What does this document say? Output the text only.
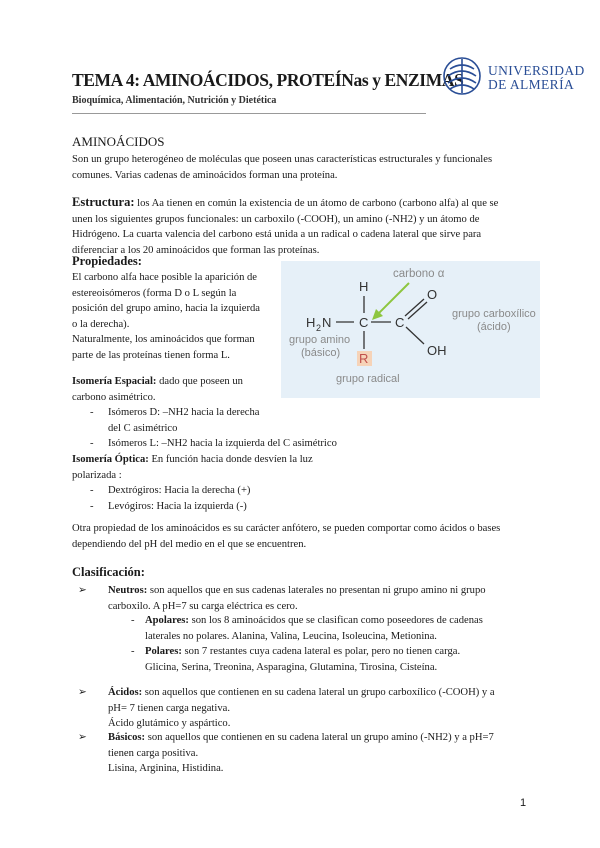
TEMA 4: AMINOÁCIDOS, PROTEÍNas y ENZIMAS
Bioquímica, Alimentación, Nutrición y Dietética
UNIVERSIDAD
DE ALMERÍA
AMINOÁCIDOS
Son un grupo heterogéneo de moléculas que poseen unas características estructurales y funcionales
comunes. Varias cadenas de aminoácidos forman una proteína.
Estructura: los Aa tienen en común la existencia de un átomo de carbono (carbono alfa) al que se
unen los siguientes grupos funcionales: un carboxilo (-COOH), un amino (-NH2) y un átomo de
Hidrógeno. La cuarta valencia del carbono está unida a un radical o cadena lateral que sirve para
diferenciar a los 20 aminoácidos que forman las proteínas.
Propiedades:
El carbono alfa hace posible la aparición de
estereoisómeros (forma D o L según la
posición del grupo amino, hacia la izquierda
o la derecha).
Naturalmente, los aminoácidos que forman
parte de las proteínas tienen forma L.
carbono α
H
H 2 N C C
O
OH
R
grupo amino
(básico)
grupo carboxílico
(ácido)
grupo radical
Isomería Espacial: dado que poseen un
carbono asimétrico.
- Isómeros D: –NH2 hacia la derecha
del C asimétrico
- Isómeros L: –NH2 hacia la izquierda del C asimétrico
Isomería Óptica: En función hacia donde desvíen la luz
polarizada :
- Dextrógiros: Hacia la derecha (+)
- Levógiros: Hacia la izquierda (-)
Otra propiedad de los aminoácidos es su carácter anfótero, se pueden comportar como ácidos o bases
dependiendo del pH del medio en el que se encuentren.
Clasificación:
➢ Neutros: son aquellos que en sus cadenas laterales no presentan ni grupo amino ni grupo
carboxilo. A pH=7 su carga eléctrica es cero.
- Apolares: son los 8 aminoácidos que se clasifican como poseedores de cadenas
laterales no polares. Alanina, Valina, Leucina, Isoleucina, Metionina.
- Polares: son 7 restantes cuya cadena lateral es polar, pero no tienen carga.
Glicina, Serina, Treonina, Asparagina, Glutamina, Tirosina, Cisteína.
➢ Ácidos: son aquellos que contienen en su cadena lateral un grupo carboxílico (-COOH) y a
pH= 7 tienen carga negativa.
Ácido glutámico y aspártico.
➢ Básicos: son aquellos que contienen en su cadena lateral un grupo amino (-NH2) y a pH=7
tienen carga positiva.
Lisina, Arginina, Histidina.
1
